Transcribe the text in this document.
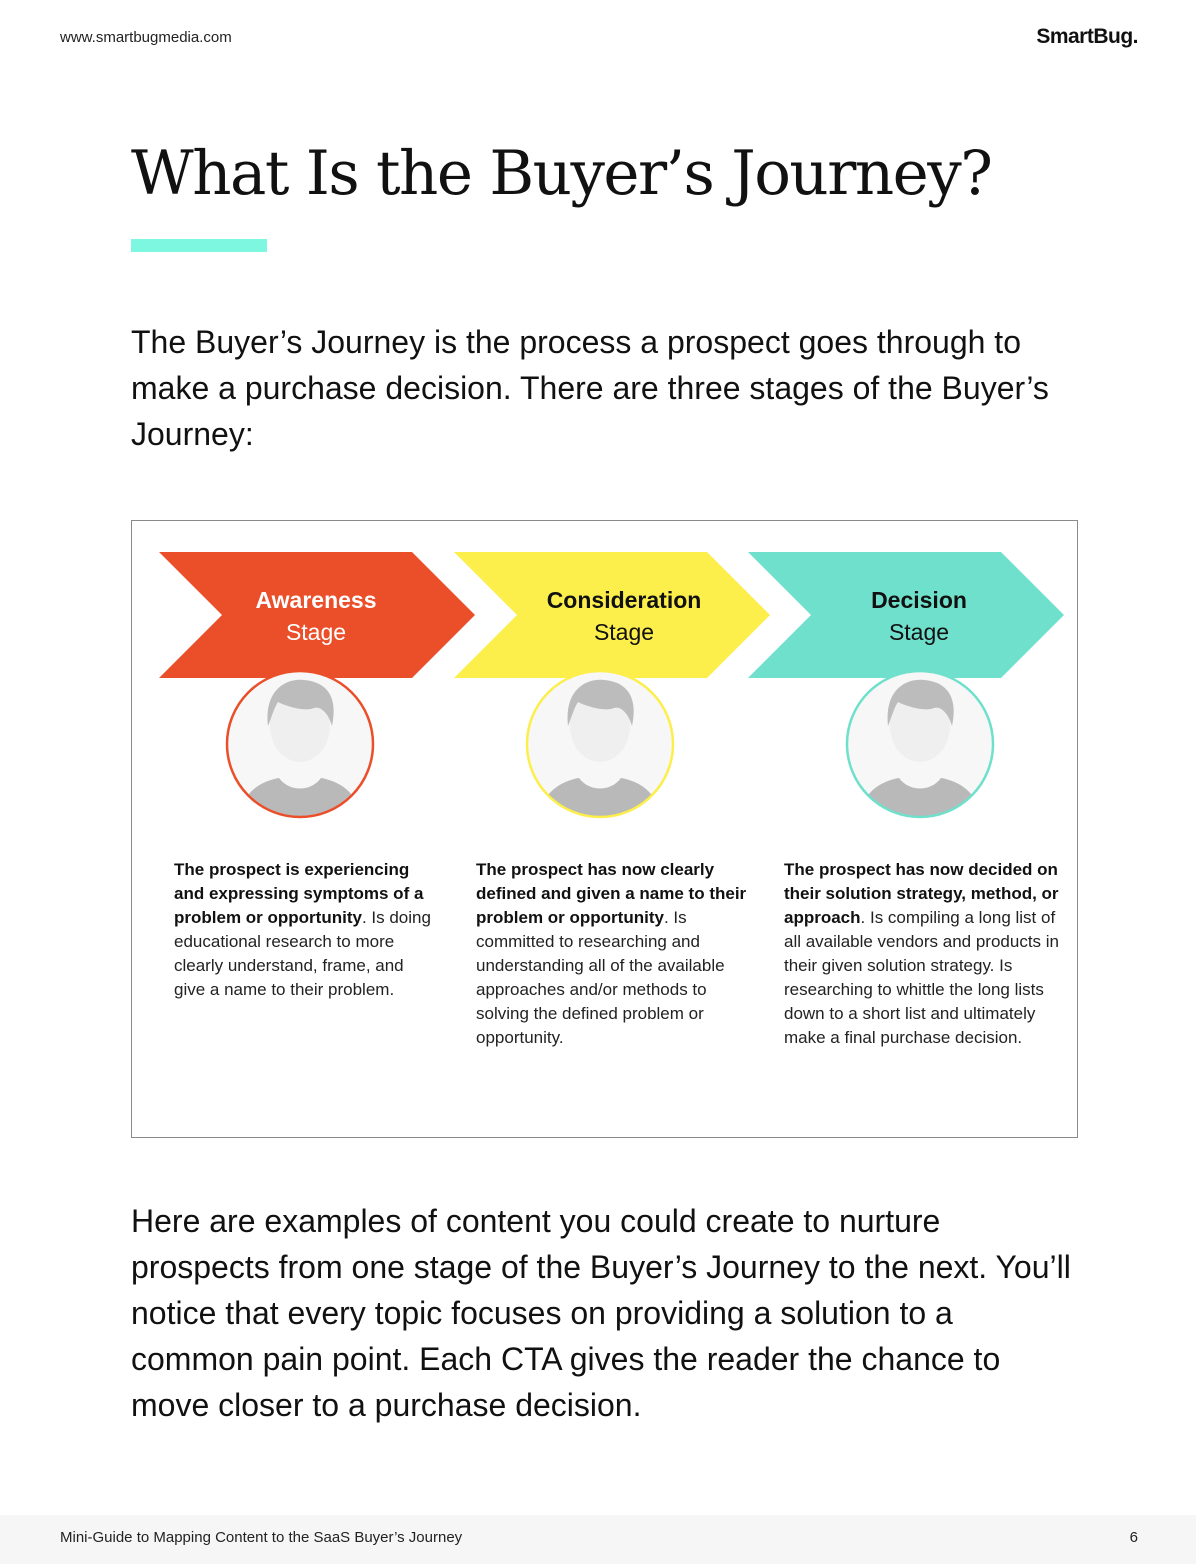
www.smartbugmedia.com	SmartBug.
What Is the Buyer’s Journey?

The Buyer’s Journey is the process a prospect goes through to make a purchase decision. There are three stages of the Buyer’s Journey:

Awareness
Stage
Consideration
Stage
Decision
Stage

The prospect is experiencing and expressing symptoms of a problem or opportunity. Is doing educational research to more clearly understand, frame, and give a name to their problem.

The prospect has now clearly defined and given a name to their problem or opportunity. Is committed to researching and understanding all of the available approaches and/or methods to solving the defined problem or opportunity.

The prospect has now decided on their solution strategy, method, or approach. Is compiling a long list of all available vendors and products in their given solution strategy. Is researching to whittle the long lists down to a short list and ultimately make a final purchase decision.

Here are examples of content you could create to nurture prospects from one stage of the Buyer’s Journey to the next. You’ll notice that every topic focuses on providing a solution to a common pain point. Each CTA gives the reader the chance to move closer to a purchase decision.

Mini-Guide to Mapping Content to the SaaS Buyer’s Journey	6
